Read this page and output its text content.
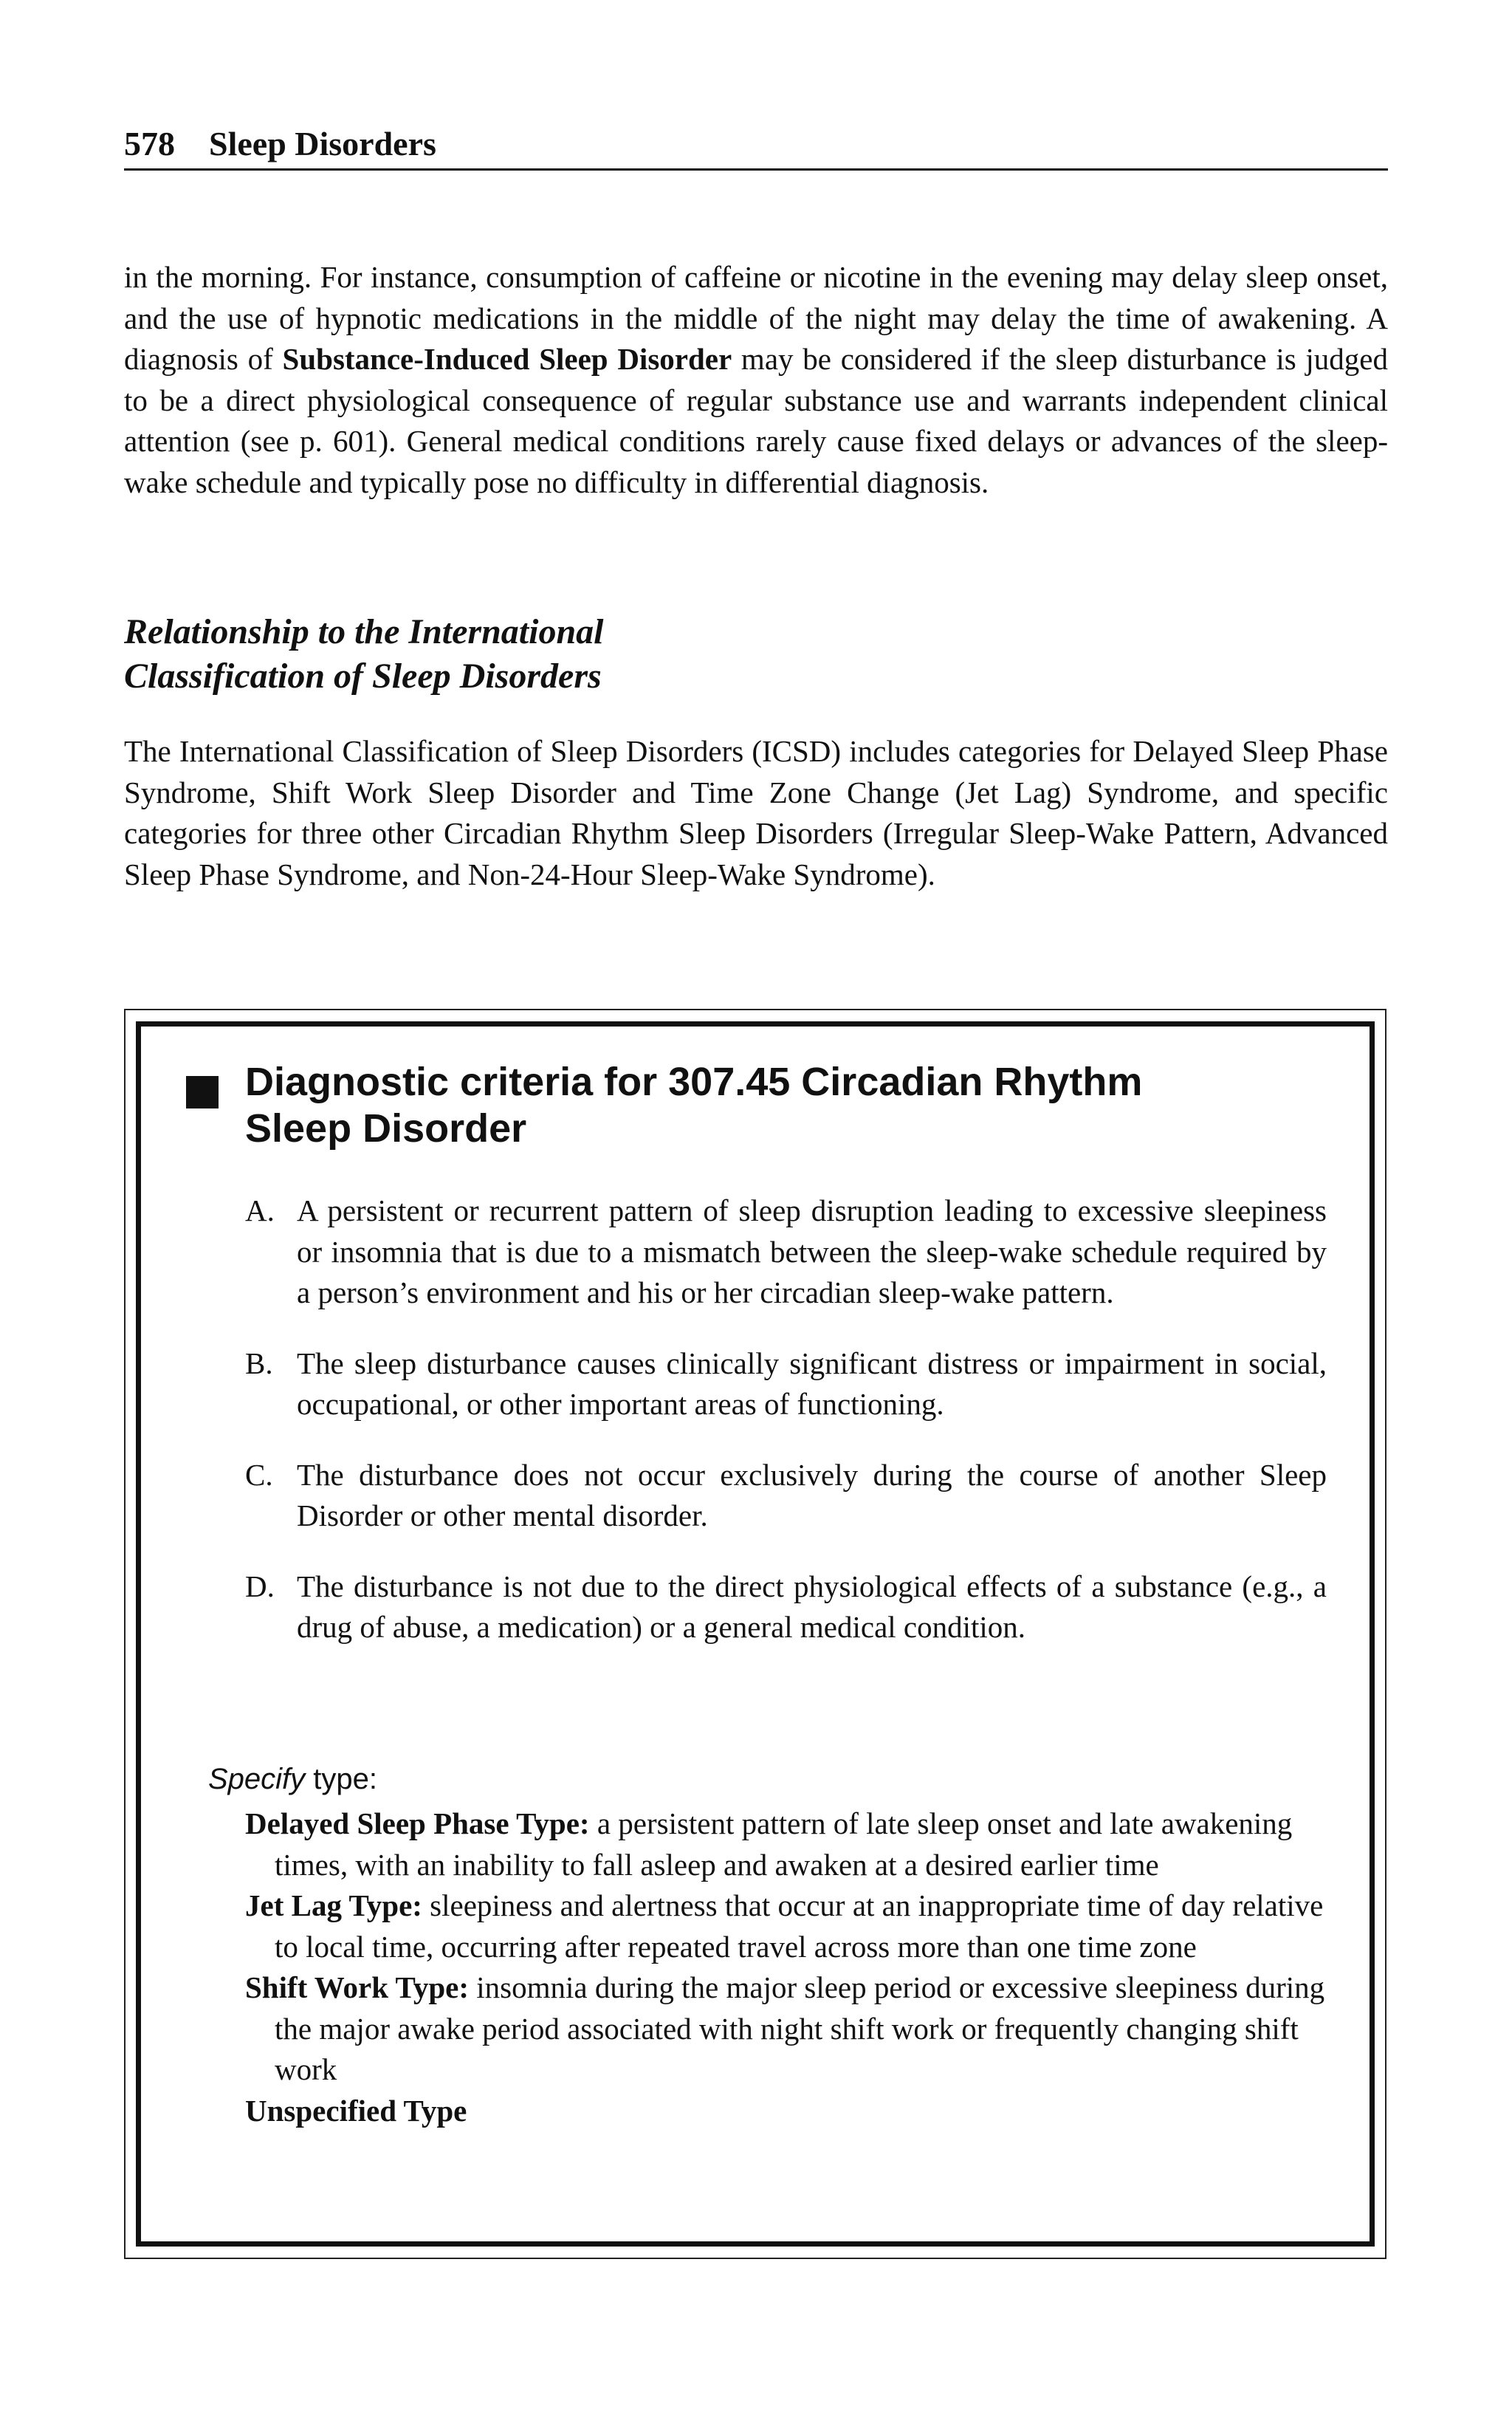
578 Sleep Disorders
in the morning. For instance, consumption of caffeine or nicotine in the evening may delay sleep onset, and the use of hypnotic medications in the middle of the night may delay the time of awakening. A diagnosis of Substance-Induced Sleep Disorder may be considered if the sleep disturbance is judged to be a direct physiological consequence of regular substance use and warrants independent clinical attention (see p. 601). General medical conditions rarely cause fixed delays or advances of the sleep-wake schedule and typically pose no difficulty in differential diagnosis.
Relationship to the International
Classification of Sleep Disorders
The International Classification of Sleep Disorders (ICSD) includes categories for Delayed Sleep Phase Syndrome, Shift Work Sleep Disorder and Time Zone Change (Jet Lag) Syndrome, and specific categories for three other Circadian Rhythm Sleep Disorders (Irregular Sleep-Wake Pattern, Advanced Sleep Phase Syndrome, and Non-24-Hour Sleep-Wake Syndrome).
Diagnostic criteria for 307.45 Circadian Rhythm
Sleep Disorder
A. A persistent or recurrent pattern of sleep disruption leading to excessive sleepiness or insomnia that is due to a mismatch between the sleep-wake schedule required by a person’s environment and his or her circadian sleep-wake pattern.
B. The sleep disturbance causes clinically significant distress or impairment in social, occupational, or other important areas of functioning.
C. The disturbance does not occur exclusively during the course of another Sleep Disorder or other mental disorder.
D. The disturbance is not due to the direct physiological effects of a substance (e.g., a drug of abuse, a medication) or a general medical condition.
Specify type:
Delayed Sleep Phase Type: a persistent pattern of late sleep onset and late awakening times, with an inability to fall asleep and awaken at a desired earlier time
Jet Lag Type: sleepiness and alertness that occur at an inappropriate time of day relative to local time, occurring after repeated travel across more than one time zone
Shift Work Type: insomnia during the major sleep period or excessive sleepiness during the major awake period associated with night shift work or frequently changing shift work
Unspecified Type
